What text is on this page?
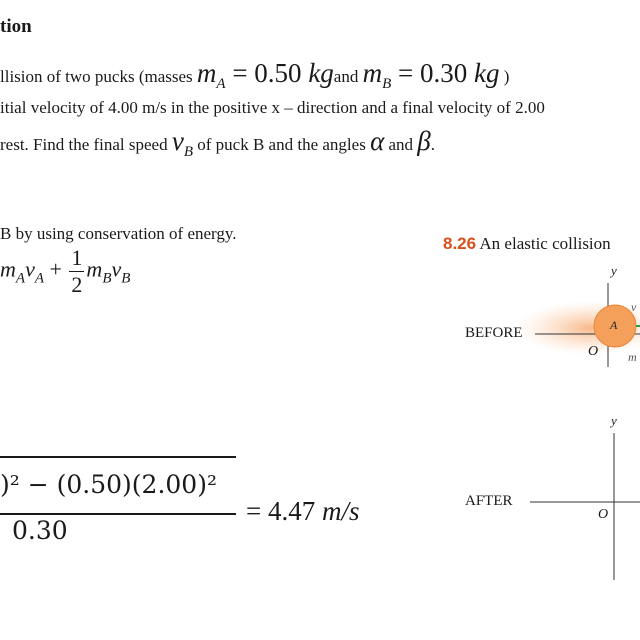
tion
llision of two pucks (masses mA = 0.50 kgand mB = 0.30 kg )
itial velocity of 4.00 m/s in the positive x – direction and a final velocity of 2.00
rest. Find the final speed vB of puck B and the angles α and β.
B by using conservation of energy.
$m_Av_A + \frac{1}{2} m_Bv_B$
)² − (0.50)(2.00)²
0.30
= 4.47 m/s
8.26 An elastic collision
BEFORE
AFTER
A
y
O
v
m
y
O
